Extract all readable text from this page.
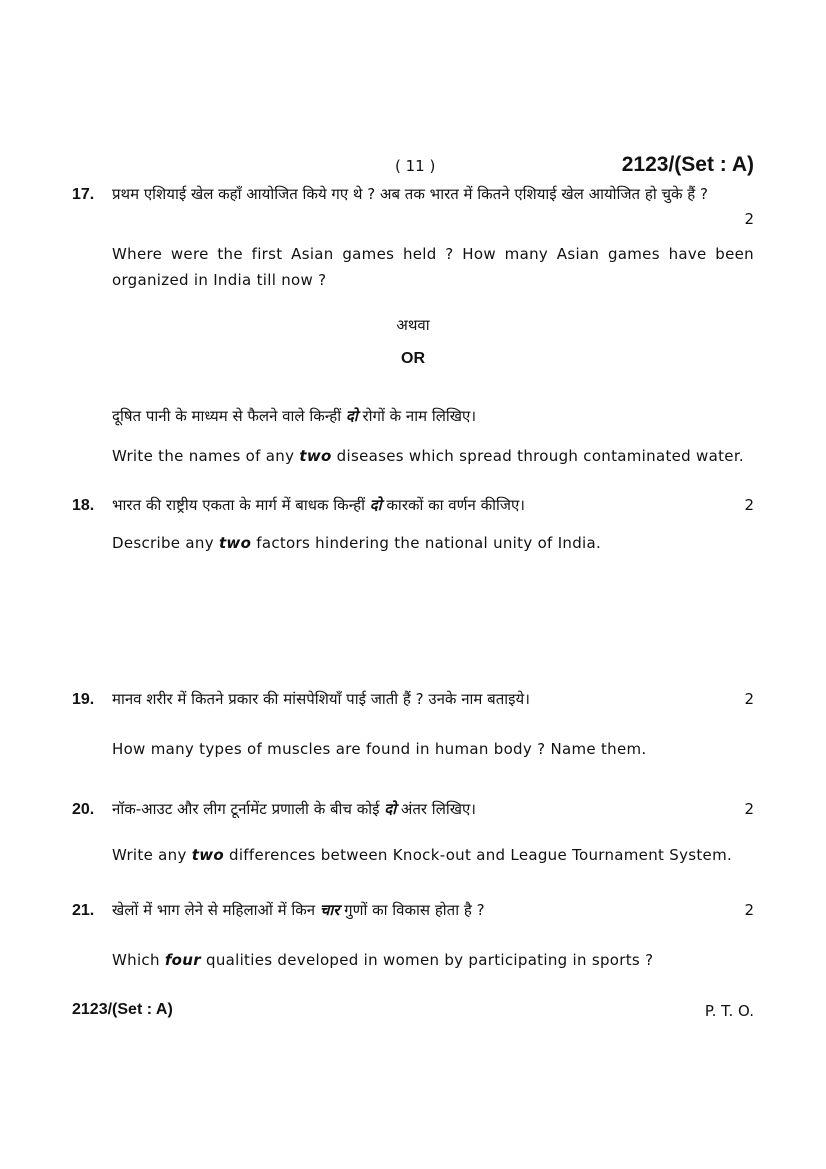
( 11 )	2123/(Set : A)
17. प्रथम एशियाई खेल कहाँ आयोजित किये गए थे ? अब तक भारत में कितने एशियाई खेल आयोजित हो चुके हैं ?
2
Where were the first Asian games held ? How many Asian games have been organized in India till now ?
अथवा
OR
दूषित पानी के माध्यम से फैलने वाले किन्हीं दो रोगों के नाम लिखिए।
Write the names of any two diseases which spread through contaminated water.
18. भारत की राष्ट्रीय एकता के मार्ग में बाधक किन्हीं दो कारकों का वर्णन कीजिए।	2
Describe any two factors hindering the national unity of India.
19. मानव शरीर में कितने प्रकार की मांसपेशियाँ पाई जाती हैं ? उनके नाम बताइये।	2
How many types of muscles are found in human body ? Name them.
20. नॉक-आउट और लीग टूर्नामेंट प्रणाली के बीच कोई दो अंतर लिखिए।	2
Write any two differences between Knock-out and League Tournament System.
21. खेलों में भाग लेने से महिलाओं में किन चार गुणों का विकास होता है ?	2
Which four qualities developed in women by participating in sports ?
2123/(Set : A)	P. T. O.
